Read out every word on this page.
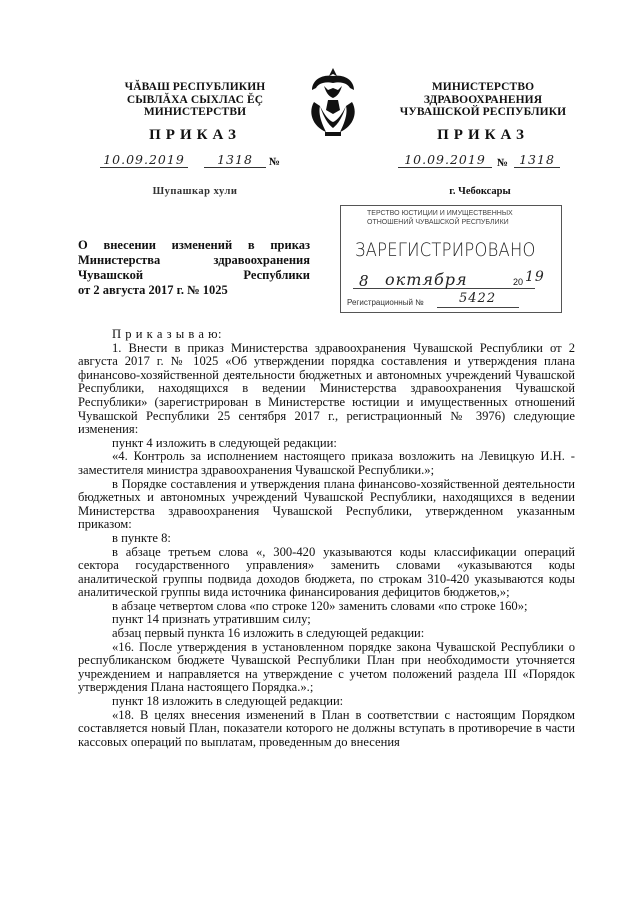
ЧĂВАШ РЕСПУБЛИКИН
СЫВЛĂХА СЫХЛАС ĔÇ
МИНИСТЕРСТВИ
МИНИСТЕРСТВО
ЗДРАВООХРАНЕНИЯ
ЧУВАШСКОЙ РЕСПУБЛИКИ
ПРИКАЗ	ПРИКАЗ
10.09.2019	1318	№	10.09.2019	№ 1318
Шупашкар хули	г. Чебоксары
ТЕРСТВО ЮСТИЦИИ И ИМУЩЕСТВЕННЫХ
ОТНОШЕНИЙ ЧУВАШСКОЙ РЕСПУБЛИКИ
ЗАРЕГИСТРИРОВАНО
8 октября	20 19
Регистрационный №	5422
О внесении изменений в приказ
Министерства здравоохранения
Чувашской Республики
от 2 августа 2017 г. № 1025

П р и к а з ы в а ю:

1. Внести в приказ Министерства здравоохранения Чувашской Республики от 2 августа 2017 г. № 1025 «Об утверждении порядка составления и утверждения плана финансово-хозяйственной деятельности бюджетных и автономных учреждений Чувашской Республики, находящихся в ведении Министерства здравоохранения Чувашской Республики» (зарегистрирован в Министерстве юстиции и имущественных отношений Чувашской Республики 25 сентября 2017 г., регистрационный № 3976) следующие изменения:

пункт 4 изложить в следующей редакции:

«4. Контроль за исполнением настоящего приказа возложить на Левицкую И.Н. - заместителя министра здравоохранения Чувашской Республики.»;

в Порядке составления и утверждения плана финансово-хозяйственной деятельности бюджетных и автономных учреждений Чувашской Республики, находящихся в ведении Министерства здравоохранения Чувашской Республики, утвержденном указанным приказом:

в пункте 8:

в абзаце третьем слова «, 300-420 указываются коды классификации операций сектора государственного управления» заменить словами «указываются коды аналитической группы подвида доходов бюджета, по строкам 310-420 указываются коды аналитической группы вида источника финансирования дефицитов бюджетов,»;

в абзаце четвертом слова «по строке 120» заменить словами «по строке 160»;

пункт 14 признать утратившим силу;

абзац первый пункта 16 изложить в следующей редакции:

«16. После утверждения в установленном порядке закона Чувашской Республики о республиканском бюджете Чувашской Республики План при необходимости уточняется учреждением и направляется на утверждение с учетом положений раздела III «Порядок утверждения Плана настоящего Порядка.».;

пункт 18 изложить в следующей редакции:

«18. В целях внесения изменений в План в соответствии с настоящим Порядком составляется новый План, показатели которого не должны вступать в противоречие в части кассовых операций по выплатам, проведенным до внесения
